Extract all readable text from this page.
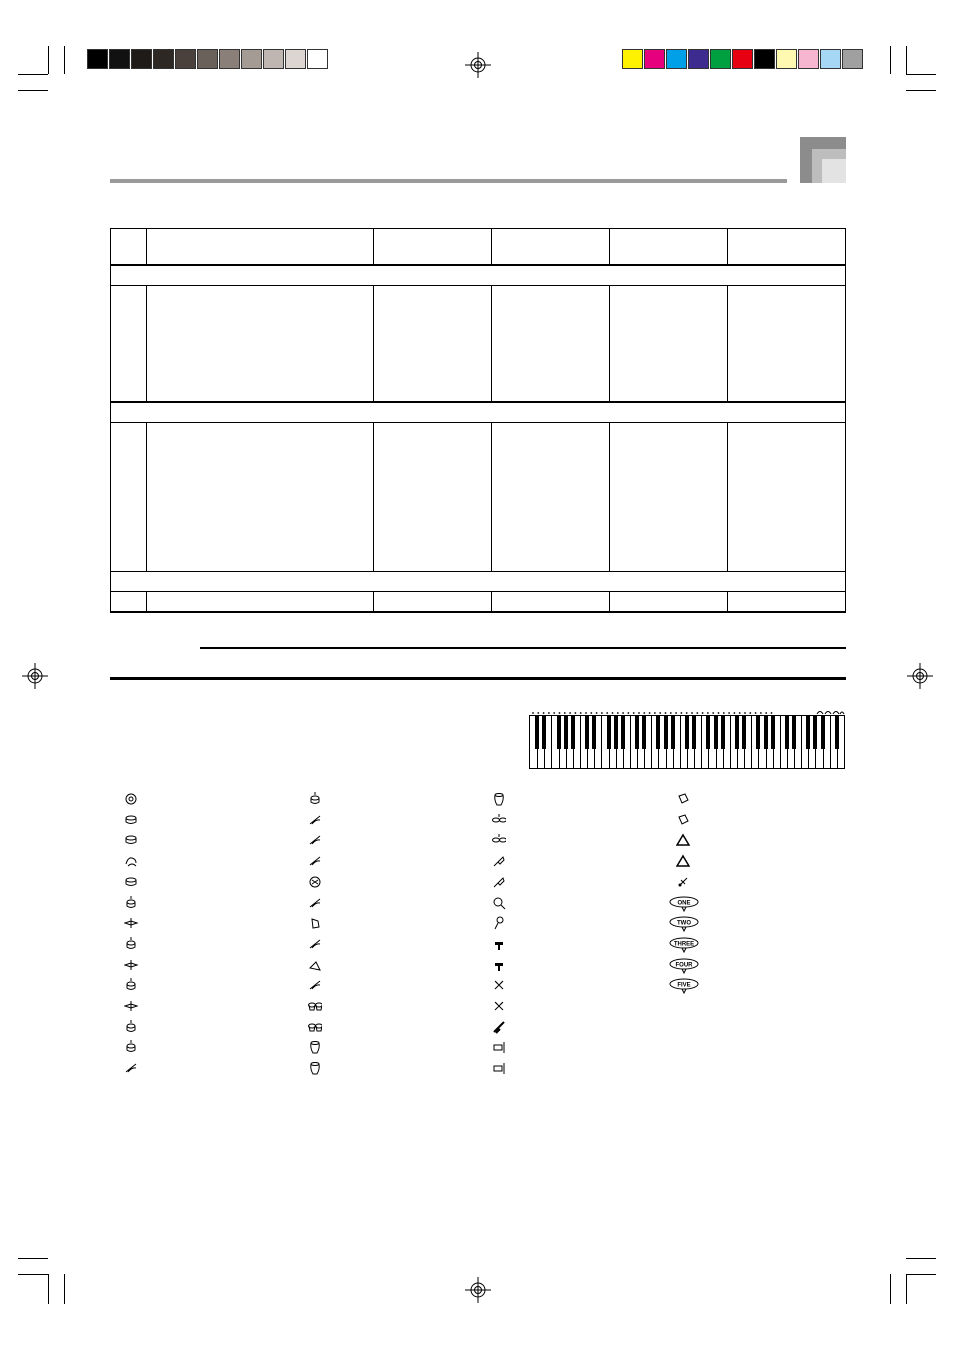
ONE
TWO
THREE
FOUR
FIVE
